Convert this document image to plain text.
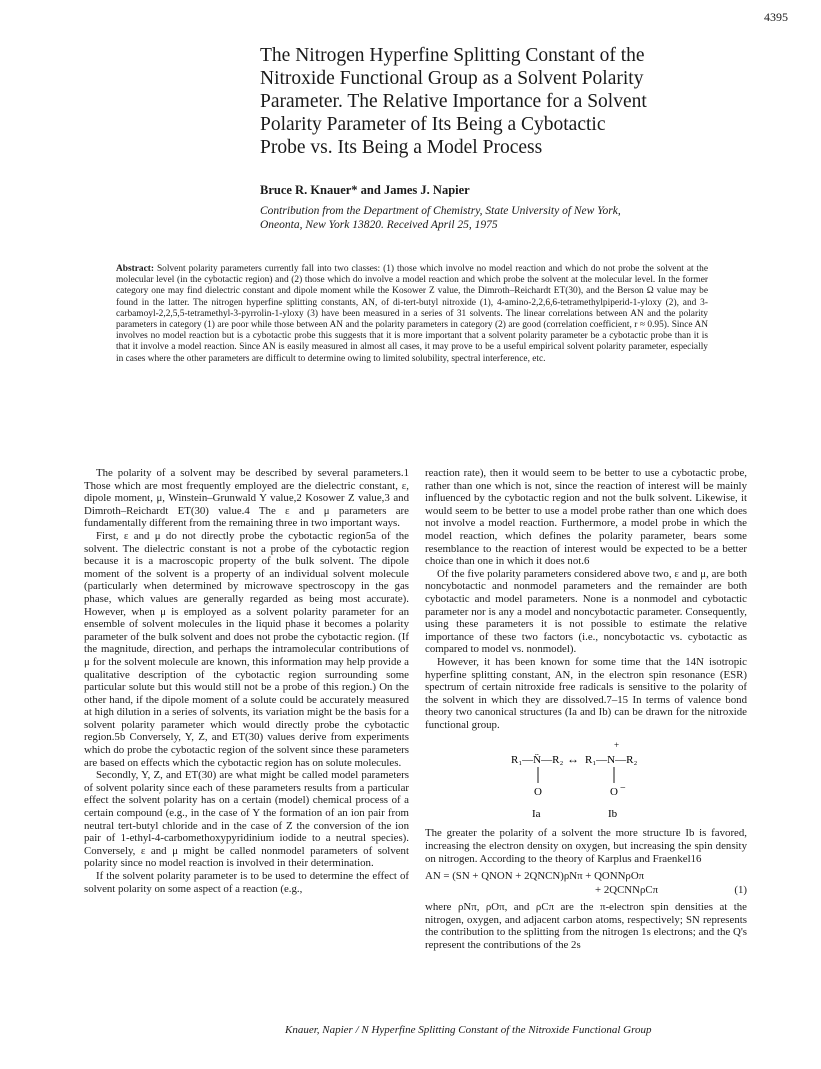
4395
The Nitrogen Hyperfine Splitting Constant of the
Nitroxide Functional Group as a Solvent Polarity
Parameter. The Relative Importance for a Solvent
Polarity Parameter of Its Being a Cybotactic
Probe vs. Its Being a Model Process
Bruce R. Knauer* and James J. Napier
Contribution from the Department of Chemistry, State University of New York,
Oneonta, New York 13820. Received April 25, 1975
Abstract: Solvent polarity parameters currently fall into two classes: (1) those which involve no model reaction and which do not probe the solvent at the molecular level (in the cybotactic region) and (2) those which do involve a model reaction and which probe the solvent at the molecular level. In the former category one may find dielectric constant and dipole moment while the Kosower Z value, the Dimroth–Reichardt ET(30), and the Berson Ω value may be found in the latter. The nitrogen hyperfine splitting constants, AN, of di-tert-butyl nitroxide (1), 4-amino-2,2,6,6-tetramethylpiperid-1-yloxy (2), and 3-carbamoyl-2,2,5,5-tetramethyl-3-pyrrolin-1-yloxy (3) have been measured in a series of 31 solvents. The linear correlations between AN and the polarity parameters in category (1) are poor while those between AN and the polarity parameters in category (2) are good (correlation coefficient, r ≈ 0.95). Since AN involves no model reaction but is a cybotactic probe this suggests that it is more important that a solvent polarity parameter be a cybotactic probe than it is that it involve a model reaction. Since AN is easily measured in almost all cases, it may prove to be a useful empirical solvent polarity parameter, especially in cases where the other parameters are difficult to determine owing to limited solubility, spectral interference, etc.

The polarity of a solvent may be described by several parameters.1 Those which are most frequently employed are the dielectric constant, ε, dipole moment, μ, Winstein–Grunwald Y value,2 Kosower Z value,3 and Dimroth–Reichardt ET(30) value.4 The ε and μ parameters are fundamentally different from the remaining three in two important ways.

First, ε and μ do not directly probe the cybotactic region5a of the solvent. The dielectric constant is not a probe of the cybotactic region because it is a macroscopic property of the bulk solvent. The dipole moment of the solvent is a property of an individual solvent molecule (particularly when determined by microwave spectroscopy in the gas phase, which values are generally regarded as being most accurate). However, when μ is employed as a solvent polarity parameter for an ensemble of solvent molecules in the liquid phase it becomes a polarity parameter of the bulk solvent and does not probe the cybotactic region. (If the magnitude, direction, and perhaps the intramolecular contributions of μ for the solvent molecule are known, this information may help provide a qualitative description of the cybotactic region surrounding some particular solute but this would still not be a probe of this region.) On the other hand, if the dipole moment of a solute could be accurately measured at high dilution in a series of solvents, its variation might be the basis for a solvent polarity parameter which would directly probe the cybotactic region.5b Conversely, Y, Z, and ET(30) values derive from experiments which do probe the cybotactic region of the solvent since these parameters are based on effects which the cybotactic region has on solute molecules.

Secondly, Y, Z, and ET(30) are what might be called model parameters of solvent polarity since each of these parameters results from a particular effect the solvent polarity has on a certain (model) chemical process of a certain compound (e.g., in the case of Y the formation of an ion pair from neutral tert-butyl chloride and in the case of Z the conversion of the ion pair of 1-ethyl-4-carbomethoxypyridinium iodide to a neutral species). Conversely, ε and μ might be called nonmodel parameters of solvent polarity since no model reaction is involved in their determination.

If the solvent polarity parameter is to be used to determine the effect of solvent polarity on some aspect of a reaction (e.g.,

reaction rate), then it would seem to be better to use a cybotactic probe, rather than one which is not, since the reaction of interest will be mainly influenced by the cybotactic region and not the bulk solvent. Likewise, it would seem to be better to use a model probe rather than one which does not involve a model reaction. Furthermore, a model probe in which the model reaction, which defines the polarity parameter, bears some resemblance to the reaction of interest would be expected to be a better choice than one in which it does not.6

Of the five polarity parameters considered above two, ε and μ, are both noncybotactic and nonmodel parameters and the remainder are both cybotactic and model parameters. None is a nonmodel and cybotactic parameter nor is any a model and noncybotactic parameter. Consequently, using these parameters it is not possible to estimate the relative importance of these two factors (i.e., noncybotactic vs. cybotactic as compared to model vs. nonmodel).

However, it has been known for some time that the 14N isotropic hyperfine splitting constant, AN, in the electron spin resonance (ESR) spectrum of certain nitroxide free radicals is sensitive to the polarity of the solvent in which they are dissolved.7–15 In terms of valence bond theory two canonical structures (Ia and Ib) can be drawn for the nitroxide functional group.

R₁—N̈—R₂ ↔ R₁—N—R₂
+
O	O −
Ia	Ib

The greater the polarity of a solvent the more structure Ib is favored, increasing the electron density on oxygen, but increasing the spin density on nitrogen. According to the theory of Karplus and Fraenkel16

AN = (SN + QNON + 2QNCN)ρNπ + QONNρOπ
+ 2QCNNρCπ	(1)

where ρNπ, ρOπ, and ρCπ are the π-electron spin densities at the nitrogen, oxygen, and adjacent carbon atoms, respectively; SN represents the contribution to the splitting from the nitrogen 1s electrons; and the Q's represent the contributions of the 2s

Knauer, Napier / N Hyperfine Splitting Constant of the Nitroxide Functional Group
